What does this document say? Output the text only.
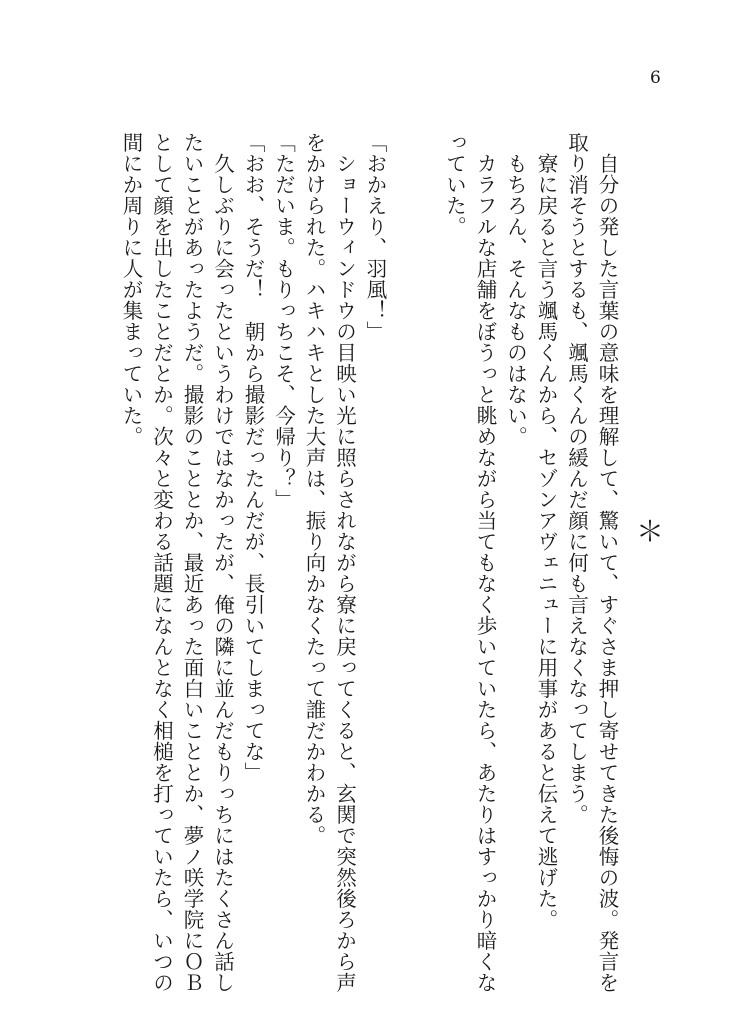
6
　自分の発した言葉の意味を理解して、驚いて、すぐさま押し寄せてきた後悔の波。発言を
取り消そうとするも、颯馬くんの緩んだ顔に何も言えなくなってしまう。
　寮に戻ると言う颯馬くんから、セゾンアヴェニューに用事があると伝えて逃げた。
　もちろん、そんなものはない。
　カラフルな店舗をぼうっと眺めながら当てもなく歩いていたら、あたりはすっかり暗くな
っていた。
＊
「おかえり、羽風！」
　ショーウィンドウの目映い光に照らされながら寮に戻ってくると、玄関で突然後ろから声
をかけられた。ハキハキとした大声は、振り向かなくたって誰だかわかる。
「ただいま。もりっちこそ、今帰り？」
「おお、そうだ！　朝から撮影だったんだが、長引いてしまってな」
　久しぶりに会ったというわけではなかったが、俺の隣に並んだもりっちにはたくさん話し
たいことがあったようだ。撮影のこととか、最近あった面白いこととか、夢ノ咲学院にＯＢ
として顔を出したことだとか。次々と変わる話題になんとなく相槌を打っていたら、いつの
間にか周りに人が集まっていた。
